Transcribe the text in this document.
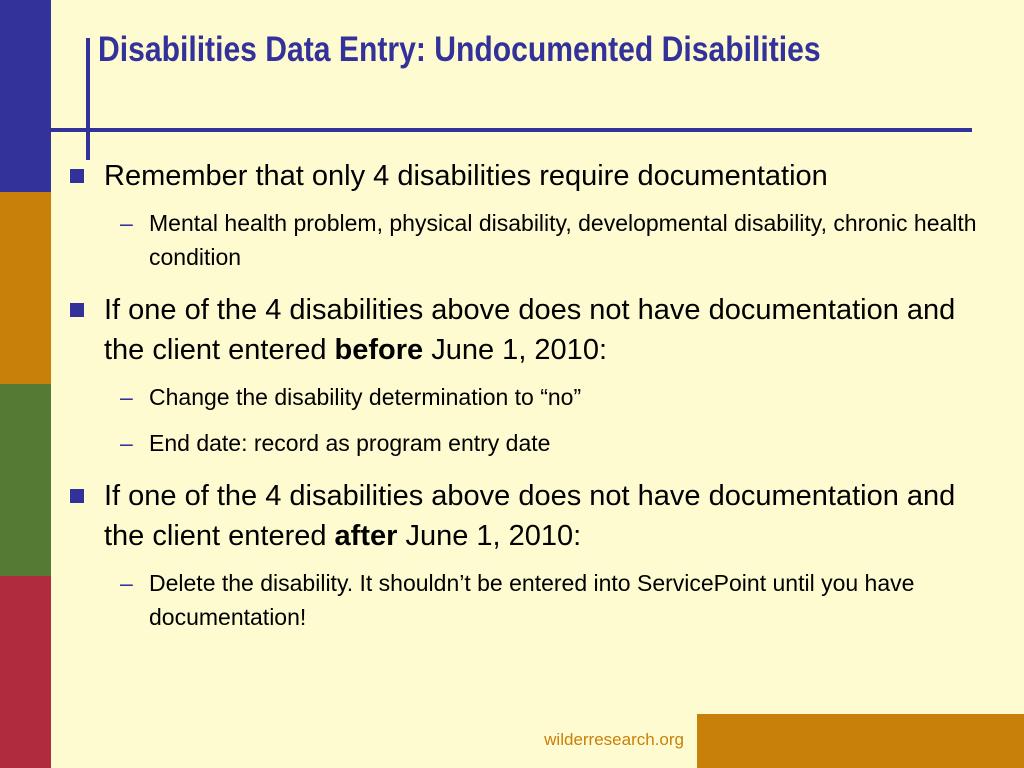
Disabilities Data Entry: Undocumented Disabilities
Remember that only 4 disabilities require documentation
– Mental health problem, physical disability, developmental disability, chronic health condition
If one of the 4 disabilities above does not have documentation and the client entered before June 1, 2010:
– Change the disability determination to “no”
– End date: record as program entry date
If one of the 4 disabilities above does not have documentation and the client entered after June 1, 2010:
– Delete the disability. It shouldn’t be entered into ServicePoint until you have documentation!
wilderresearch.org
